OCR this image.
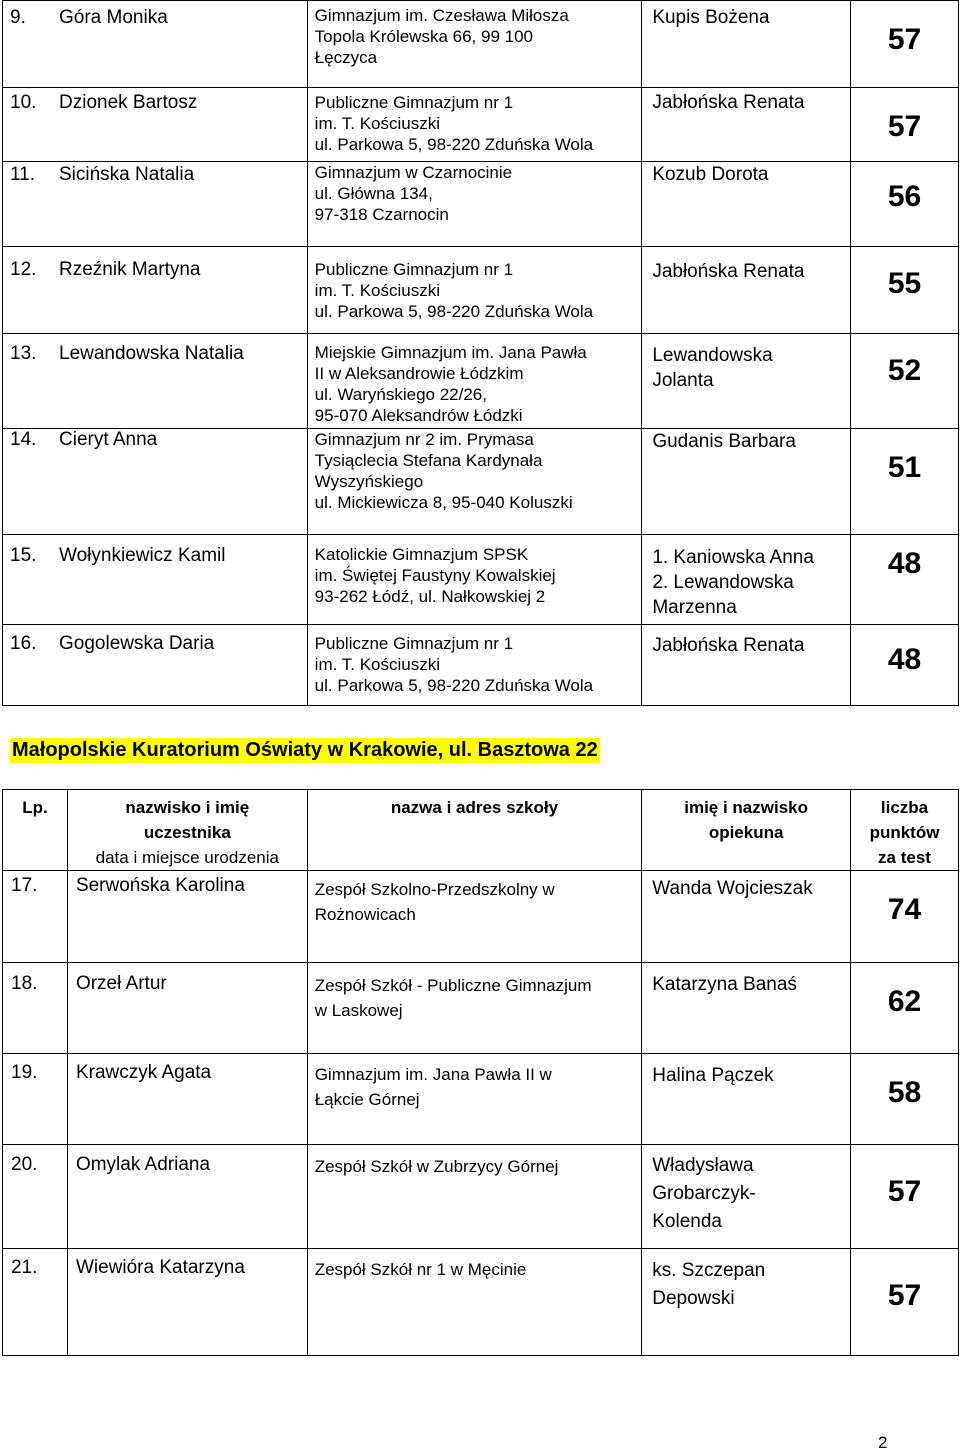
9. Góra Monika	Gimnazjum im. Czesława Miłosza
Topola Królewska 66, 99 100
Łęczyca	Kupis Bożena	57

10. Dzionek Bartosz	Publiczne Gimnazjum nr 1
im. T. Kościuszki
ul. Parkowa 5, 98-220 Zduńska Wola	Jabłońska Renata	57

11. Sicińska Natalia	Gimnazjum w Czarnocinie
ul. Główna 134,
97-318 Czarnocin	Kozub Dorota	56

12. Rzeźnik Martyna	Publiczne Gimnazjum nr 1
im. T. Kościuszki
ul. Parkowa 5, 98-220 Zduńska Wola	Jabłońska Renata	55

13. Lewandowska Natalia	Miejskie Gimnazjum im. Jana Pawła
II w Aleksandrowie Łódzkim
ul. Waryńskiego 22/26,
95-070 Aleksandrów Łódzki	Lewandowska
Jolanta	52

14. Cieryt Anna	Gimnazjum nr 2 im. Prymasa
Tysiąclecia Stefana Kardynała
Wyszyńskiego
ul. Mickiewicza 8, 95-040 Koluszki	Gudanis Barbara	51

15. Wołynkiewicz Kamil	Katolickie Gimnazjum SPSK
im. Świętej Faustyny Kowalskiej
93-262 Łódź, ul. Nałkowskiej 2	1. Kaniowska Anna
2. Lewandowska
Marzenna	48

16. Gogolewska Daria	Publiczne Gimnazjum nr 1
im. T. Kościuszki
ul. Parkowa 5, 98-220 Zduńska Wola	Jabłońska Renata	48
Małopolskie Kuratorium Oświaty w Krakowie, ul. Basztowa 22
Lp.	nazwisko i imię
uczestnika
data i miejsce urodzenia	nazwa i adres szkoły	imię i nazwisko
opiekuna	liczba
punktów
za test

17.	Serwońska Karolina	Zespół Szkolno-Przedszkolny w
Rożnowicach	Wanda Wojcieszak	74

18.	Orzeł Artur	Zespół Szkół - Publiczne Gimnazjum
w Laskowej	Katarzyna Banaś	62

19.	Krawczyk Agata	Gimnazjum im. Jana Pawła II w
Łąkcie Górnej	Halina Pączek	58

20.	Omylak Adriana	Zespół Szkół w Zubrzycy Górnej	Władysława
Grobarczyk-
Kolenda	57

21.	Wiewióra Katarzyna	Zespół Szkół nr 1 w Męcinie	ks. Szczepan
Depowski	57
2
